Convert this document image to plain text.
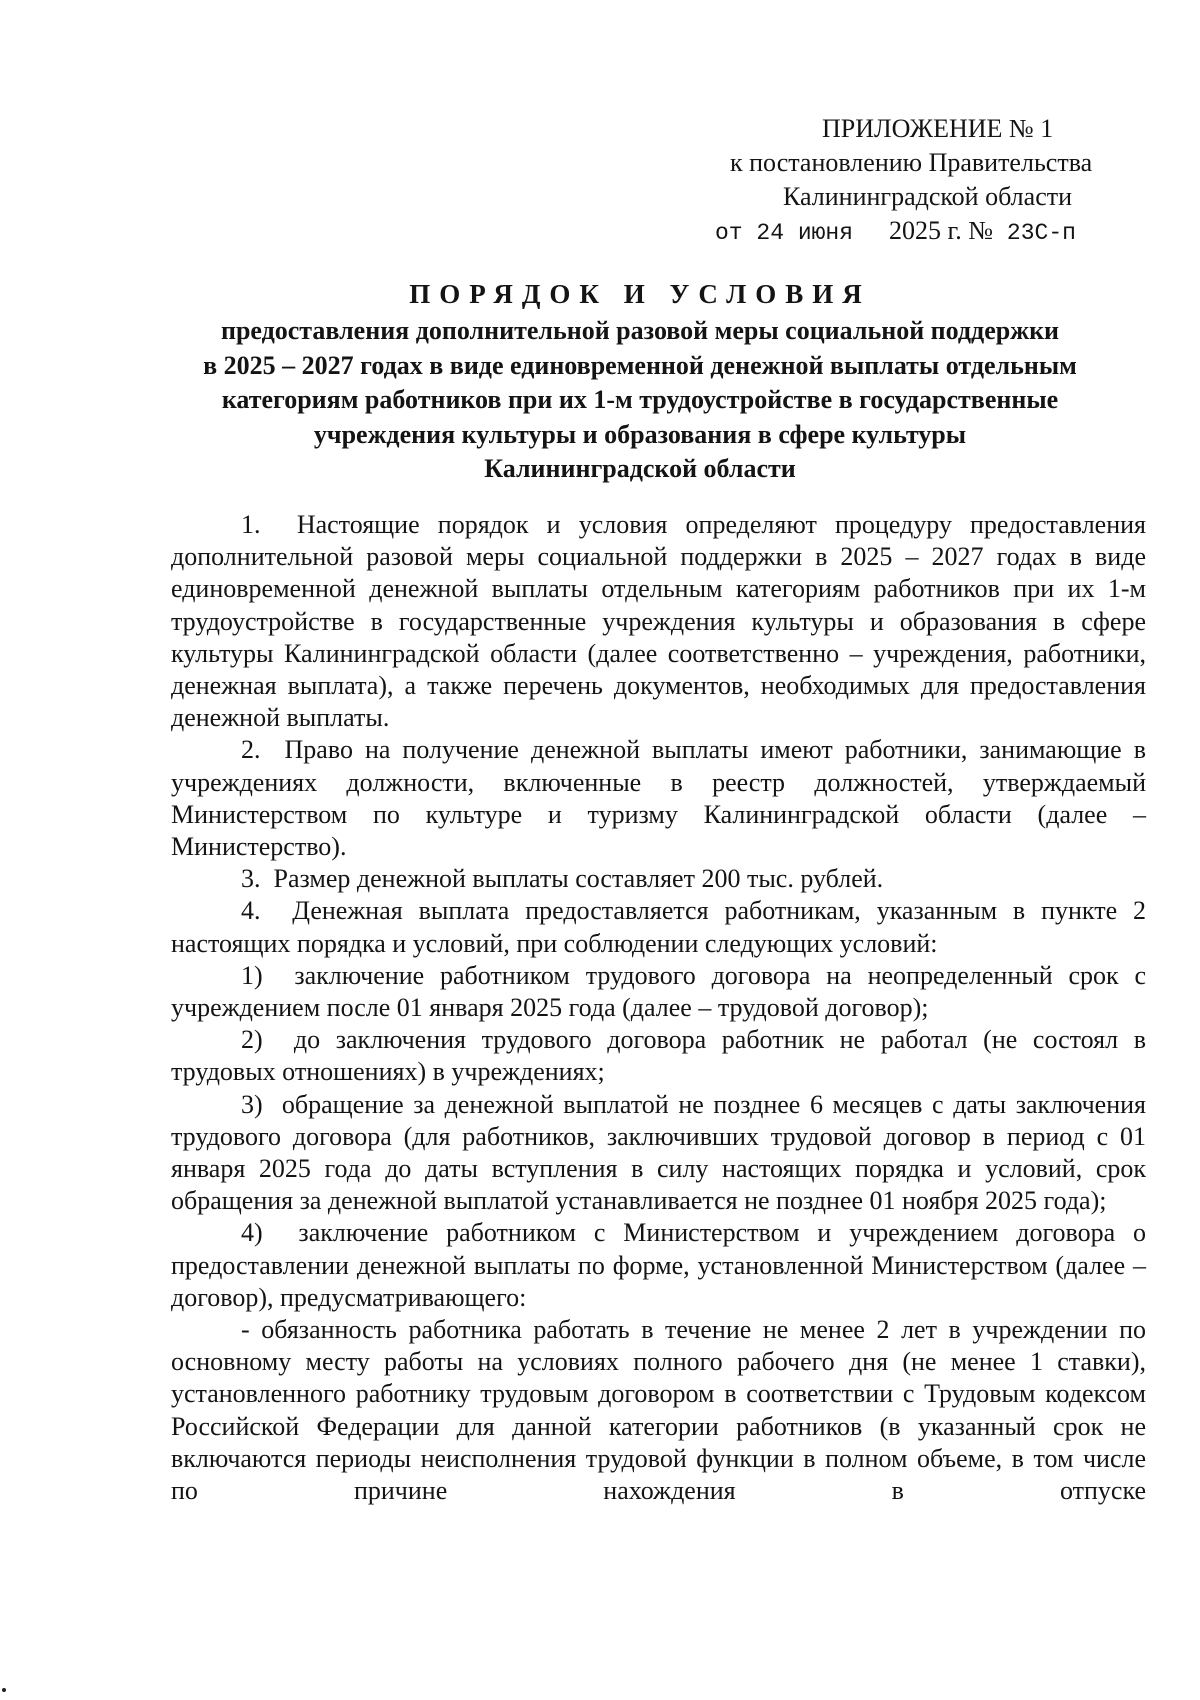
ПРИЛОЖЕНИЕ № 1
к постановлению Правительства
Калининградской области
от 24 июня 2025 г. № 23С-п
ПОРЯДОК И УСЛОВИЯ
предоставления дополнительной разовой меры социальной поддержки
в 2025 – 2027 годах в виде единовременной денежной выплаты отдельным
категориям работников при их 1-м трудоустройстве в государственные
учреждения культуры и образования в сфере культуры
Калининградской области

1. Настоящие порядок и условия определяют процедуру предоставления дополнительной разовой меры социальной поддержки в 2025 – 2027 годах в виде единовременной денежной выплаты отдельным категориям работников при их 1-м трудоустройстве в государственные учреждения культуры и образования в сфере культуры Калининградской области (далее соответственно – учреждения, работники, денежная выплата), а также перечень документов, необходимых для предоставления денежной выплаты.

2. Право на получение денежной выплаты имеют работники, занимающие в учреждениях должности, включенные в реестр должностей, утверждаемый Министерством по культуре и туризму Калининградской области (далее – Министерство).

3. Размер денежной выплаты составляет 200 тыс. рублей.

4. Денежная выплата предоставляется работникам, указанным в пункте 2 настоящих порядка и условий, при соблюдении следующих условий:

1) заключение работником трудового договора на неопределенный срок с учреждением после 01 января 2025 года (далее – трудовой договор);

2) до заключения трудового договора работник не работал (не состоял в трудовых отношениях) в учреждениях;

3) обращение за денежной выплатой не позднее 6 месяцев с даты заключения трудового договора (для работников, заключивших трудовой договор в период с 01 января 2025 года до даты вступления в силу настоящих порядка и условий, срок обращения за денежной выплатой устанавливается не позднее 01 ноября 2025 года);

4) заключение работником с Министерством и учреждением договора о предоставлении денежной выплаты по форме, установленной Министерством (далее – договор), предусматривающего:

- обязанность работника работать в течение не менее 2 лет в учреждении по основному месту работы на условиях полного рабочего дня (не менее 1 ставки), установленного работнику трудовым договором в соответствии с Трудовым кодексом Российской Федерации для данной категории работников (в указанный срок не включаются периоды неисполнения трудовой функции в полном объеме, в том числе по причине нахождения в отпуске
